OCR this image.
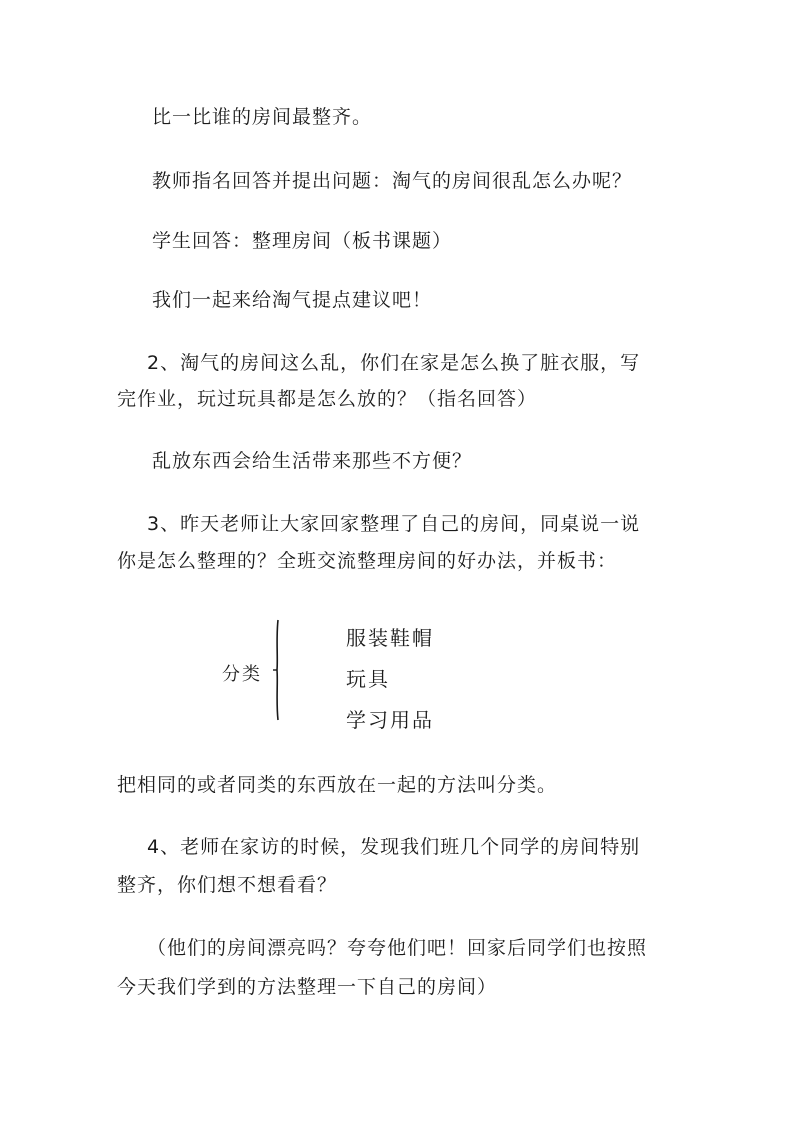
比一比谁的房间最整齐。
教师指名回答并提出问题：淘气的房间很乱怎么办呢？
学生回答：整理房间（板书课题）
我们一起来给淘气提点建议吧！
2、淘气的房间这么乱，你们在家是怎么换了脏衣服，写
完作业，玩过玩具都是怎么放的？（指名回答）
乱放东西会给生活带来那些不方便？
3、昨天老师让大家回家整理了自己的房间，同桌说一说
你是怎么整理的？全班交流整理房间的好办法，并板书：
分类
服装鞋帽
玩具
学习用品
把相同的或者同类的东西放在一起的方法叫分类。
4、老师在家访的时候，发现我们班几个同学的房间特别
整齐，你们想不想看看？
（他们的房间漂亮吗？夸夸他们吧！回家后同学们也按照
今天我们学到的方法整理一下自己的房间）
